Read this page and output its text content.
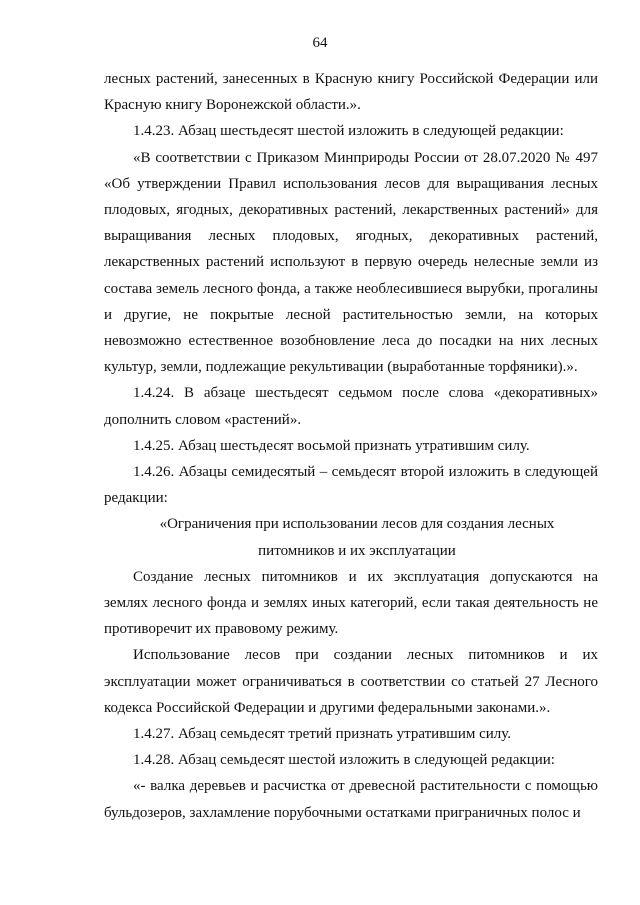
64
лесных растений, занесенных в Красную книгу Российской Федерации или
Красную книгу Воронежской области.».
1.4.23. Абзац шестьдесят шестой изложить в следующей редакции:
«В соответствии с Приказом Минприроды России от 28.07.2020 № 497
«Об утверждении Правил использования лесов для выращивания лесных
плодовых, ягодных, декоративных растений, лекарственных растений» для
выращивания лесных плодовых, ягодных, декоративных растений,
лекарственных растений используют в первую очередь нелесные земли из
состава земель лесного фонда, а также необлесившиеся вырубки, прогалины
и другие, не покрытые лесной растительностью земли, на которых
невозможно естественное возобновление леса до посадки на них лесных
культур, земли, подлежащие рекультивации (выработанные торфяники).».
1.4.24. В абзаце шестьдесят седьмом после слова «декоративных»
дополнить словом «растений».
1.4.25. Абзац шестьдесят восьмой признать утратившим силу.
1.4.26. Абзацы семидесятый – семьдесят второй изложить в следующей
редакции:
«Ограничения при использовании лесов для создания лесных
питомников и их эксплуатации
Создание лесных питомников и их эксплуатация допускаются на
землях лесного фонда и землях иных категорий, если такая деятельность не
противоречит их правовому режиму.
Использование лесов при создании лесных питомников и их
эксплуатации может ограничиваться в соответствии со статьей 27 Лесного
кодекса Российской Федерации и другими федеральными законами.».
1.4.27. Абзац семьдесят третий признать утратившим силу.
1.4.28. Абзац семьдесят шестой изложить в следующей редакции:
«- валка деревьев и расчистка от древесной растительности с помощью
бульдозеров, захламление порубочными остатками приграничных полос и
